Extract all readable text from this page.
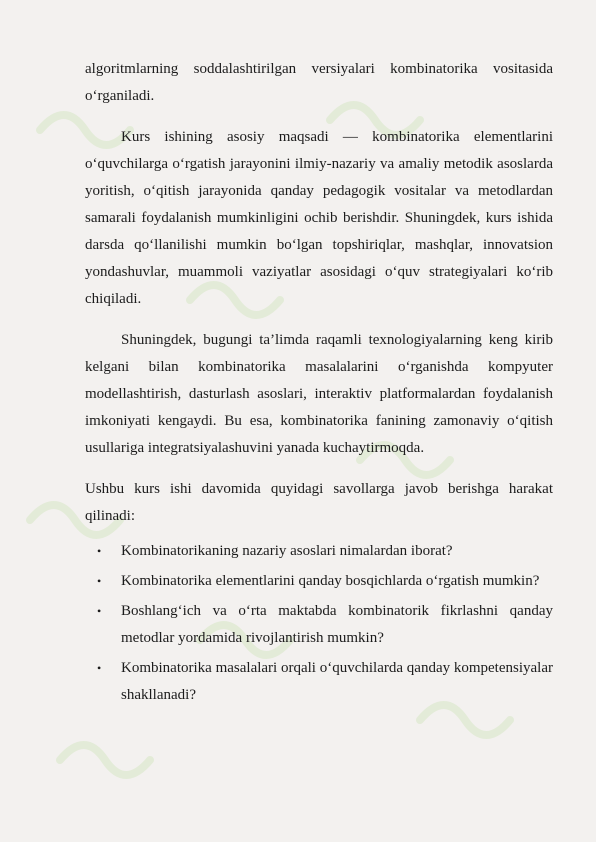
algoritmlarning soddalashtirilgan versiyalari kombinatorika vositasida o‘rganiladi.

Kurs ishining asosiy maqsadi — kombinatorika elementlarini o‘quvchilarga o‘rgatish jarayonini ilmiy-nazariy va amaliy metodik asoslarda yoritish, o‘qitish jarayonida qanday pedagogik vositalar va metodlardan samarali foydalanish mumkinligini ochib berishdir. Shuningdek, kurs ishida darsda qo‘llanilishi mumkin bo‘lgan topshiriqlar, mashqlar, innovatsion yondashuvlar, muammoli vaziyatlar asosidagi o‘quv strategiyalari ko‘rib chiqiladi.

Shuningdek, bugungi ta’limda raqamli texnologiyalarning keng kirib kelgani bilan kombinatorika masalalarini o‘rganishda kompyuter modellashtirish, dasturlash asoslari, interaktiv platformalardan foydalanish imkoniyati kengaydi. Bu esa, kombinatorika fanining zamonaviy o‘qitish usullariga integratsiyalashuvini yanada kuchaytirmoqda.

Ushbu kurs ishi davomida quyidagi savollarga javob berishga harakat qilinadi:

• Kombinatorikaning nazariy asoslari nimalardan iborat?
• Kombinatorika elementlarini qanday bosqichlarda o‘rgatish mumkin?
• Boshlang‘ich va o‘rta maktabda kombinatorik fikrlashni qanday metodlar yordamida rivojlantirish mumkin?
• Kombinatorika masalalari orqali o‘quvchilarda qanday kompetensiyalar shakllanadi?
